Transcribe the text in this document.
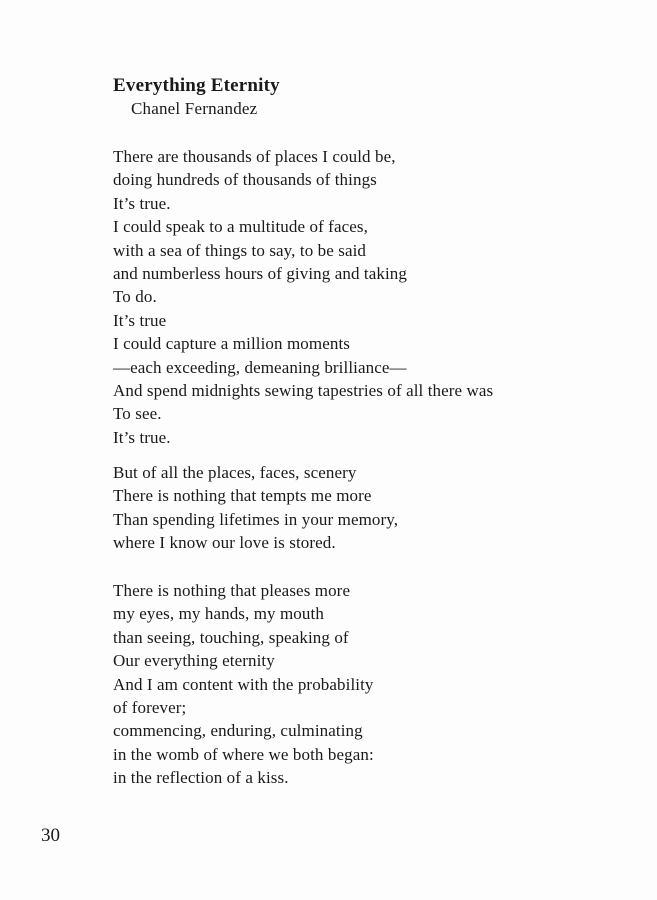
Everything Eternity
Chanel Fernandez

There are thousands of places I could be,
doing hundreds of thousands of things
It’s true.
I could speak to a multitude of faces,
with a sea of things to say, to be said
and numberless hours of giving and taking
To do.
It’s true
I could capture a million moments
—each exceeding, demeaning brilliance—
And spend midnights sewing tapestries of all there was
To see.
It’s true.

But of all the places, faces, scenery
There is nothing that tempts me more
Than spending lifetimes in your memory,
where I know our love is stored.

There is nothing that pleases more
my eyes, my hands, my mouth
than seeing, touching, speaking of
Our everything eternity
And I am content with the probability
of forever;
commencing, enduring, culminating
in the womb of where we both began:
in the reflection of a kiss.

30
